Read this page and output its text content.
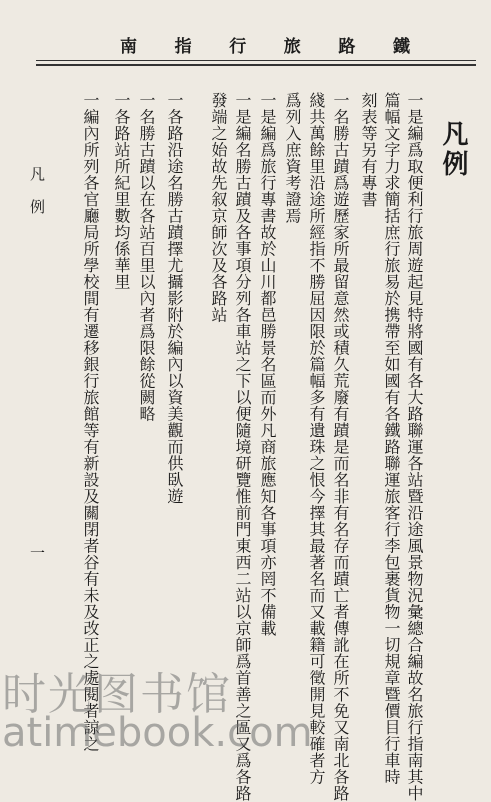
鐵
路
旅
行
指
南
凡例
一是編爲取便利行旅周遊起見特將國有各大路聯運各站暨沿途風景物況彙總合編故名旅行指南其中
篇幅文字力求簡括庶行旅易於携帶至如國有各鐵路聯運旅客行李包裹貨物一切規章暨價目行車時
刻表等另有專書
一名勝古蹟爲遊歷家所最留意然或積久荒廢有蹟是而名非有名存而蹟亡者傳訛在所不免又南北各路
綫共萬餘里沿途所經指不勝屈因限於篇幅多有遺珠之恨今擇其最著名而又載籍可徵開見較確者方
爲列入庶資考證焉
一是編爲旅行專書故於山川都邑勝景名區而外凡商旅應知各事項亦罔不備載
一是編名勝古蹟及各事項分列各車站之下以便隨境研覽惟前門東西二站以京師爲首善之區又爲各路
發端之始故先叙京師次及各路站
一各路沿途名勝古蹟擇尤攝影附於編內以資美觀而供臥遊
一名勝古蹟以在各站百里以內者爲限餘從闕略
一各路站所紀里數均係華里
一編內所列各官廳局所學校間有遷移銀行旅館等有新設及關閉者谷有未及改正之處閱者諒之
凡例
一
时光图书馆
atimebook.com
